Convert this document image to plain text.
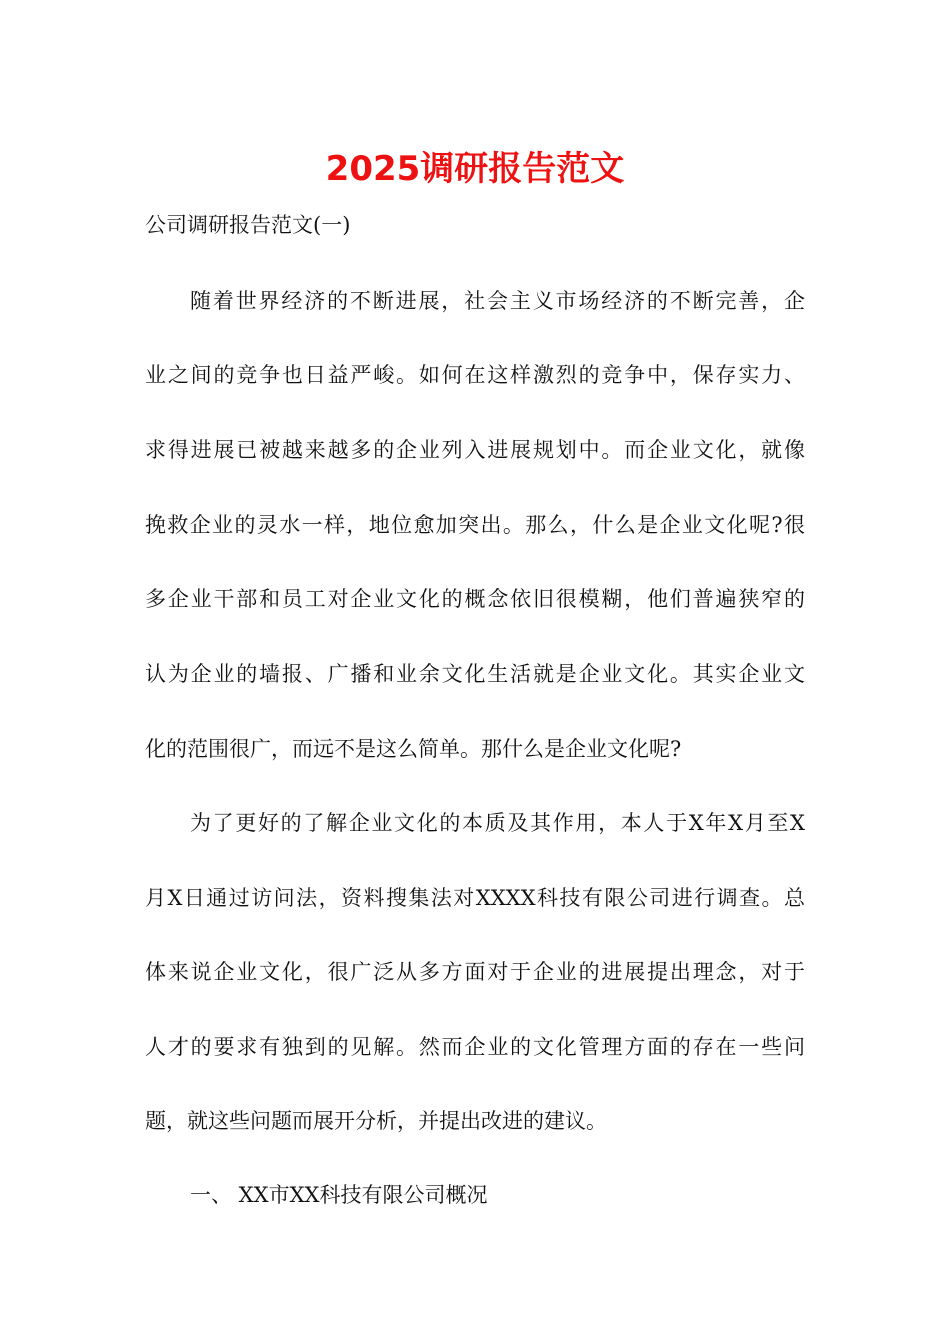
2025调研报告范文

公司调研报告范文(一)

随着世界经济的不断进展，社会主义市场经济的不断完善，企

业之间的竞争也日益严峻。如何在这样激烈的竞争中，保存实力、

求得进展已被越来越多的企业列入进展规划中。而企业文化，就像

挽救企业的灵水一样，地位愈加突出。那么，什么是企业文化呢?很

多企业干部和员工对企业文化的概念依旧很模糊，他们普遍狭窄的

认为企业的墙报、广播和业余文化生活就是企业文化。其实企业文

化的范围很广，而远不是这么简单。那什么是企业文化呢?

为了更好的了解企业文化的本质及其作用，本人于X年X月至X

月X日通过访问法，资料搜集法对XXXX科技有限公司进行调查。总

体来说企业文化，很广泛从多方面对于企业的进展提出理念，对于

人才的要求有独到的见解。然而企业的文化管理方面的存在一些问

题，就这些问题而展开分析，并提出改进的建议。

一、 XX市XX科技有限公司概况
